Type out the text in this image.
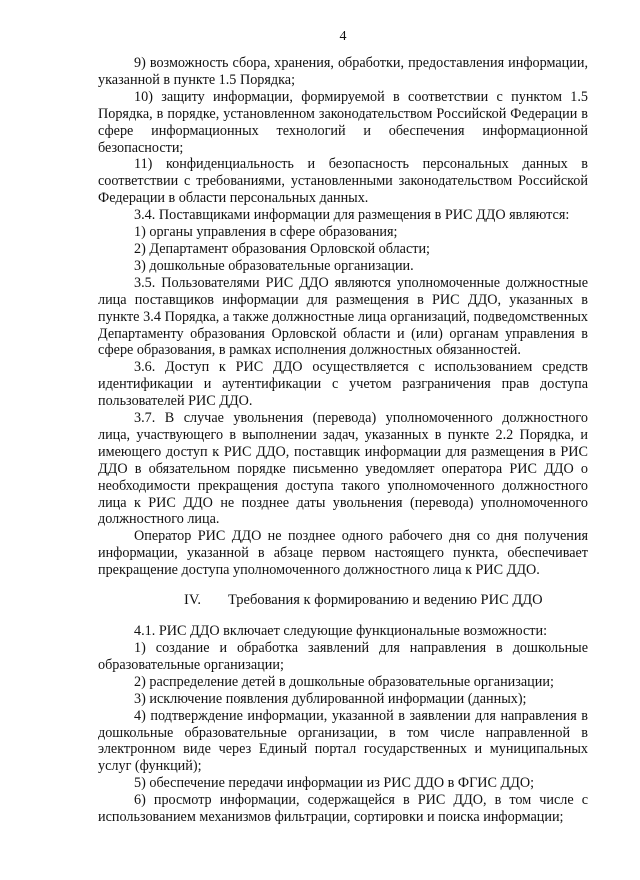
4

9) возможность сбора, хранения, обработки, предоставления информации, указанной в пункте 1.5 Порядка;

10) защиту информации, формируемой в соответствии с пунктом 1.5 Порядка, в порядке, установленном законодательством Российской Федерации в сфере информационных технологий и обеспечения информационной безопасности;

11) конфиденциальность и безопасность персональных данных в соответствии с требованиями, установленными законодательством Российской Федерации в области персональных данных.

3.4. Поставщиками информации для размещения в РИС ДДО являются:

1) органы управления в сфере образования;

2) Департамент образования Орловской области;

3) дошкольные образовательные организации.

3.5. Пользователями РИС ДДО являются уполномоченные должностные лица поставщиков информации для размещения в РИС ДДО, указанных в пункте 3.4 Порядка, а также должностные лица организаций, подведомственных Департаменту образования Орловской области и (или) органам управления в сфере образования, в рамках исполнения должностных обязанностей.

3.6. Доступ к РИС ДДО осуществляется с использованием средств идентификации и аутентификации с учетом разграничения прав доступа пользователей РИС ДДО.

3.7. В случае увольнения (перевода) уполномоченного должностного лица, участвующего в выполнении задач, указанных в пункте 2.2 Порядка, и имеющего доступ к РИС ДДО, поставщик информации для размещения в РИС ДДО в обязательном порядке письменно уведомляет оператора РИС ДДО о необходимости прекращения доступа такого уполномоченного должностного лица к РИС ДДО не позднее даты увольнения (перевода) уполномоченного должностного лица.

Оператор РИС ДДО не позднее одного рабочего дня со дня получения информации, указанной в абзаце первом настоящего пункта, обеспечивает прекращение доступа уполномоченного должностного лица к РИС ДДО.

IV. Требования к формированию и ведению РИС ДДО

4.1. РИС ДДО включает следующие функциональные возможности:

1) создание и обработка заявлений для направления в дошкольные образовательные организации;

2) распределение детей в дошкольные образовательные организации;

3) исключение появления дублированной информации (данных);

4) подтверждение информации, указанной в заявлении для направления в дошкольные образовательные организации, в том числе направленной в электронном виде через Единый портал государственных и муниципальных услуг (функций);

5) обеспечение передачи информации из РИС ДДО в ФГИС ДДО;

6) просмотр информации, содержащейся в РИС ДДО, в том числе с использованием механизмов фильтрации, сортировки и поиска информации;
